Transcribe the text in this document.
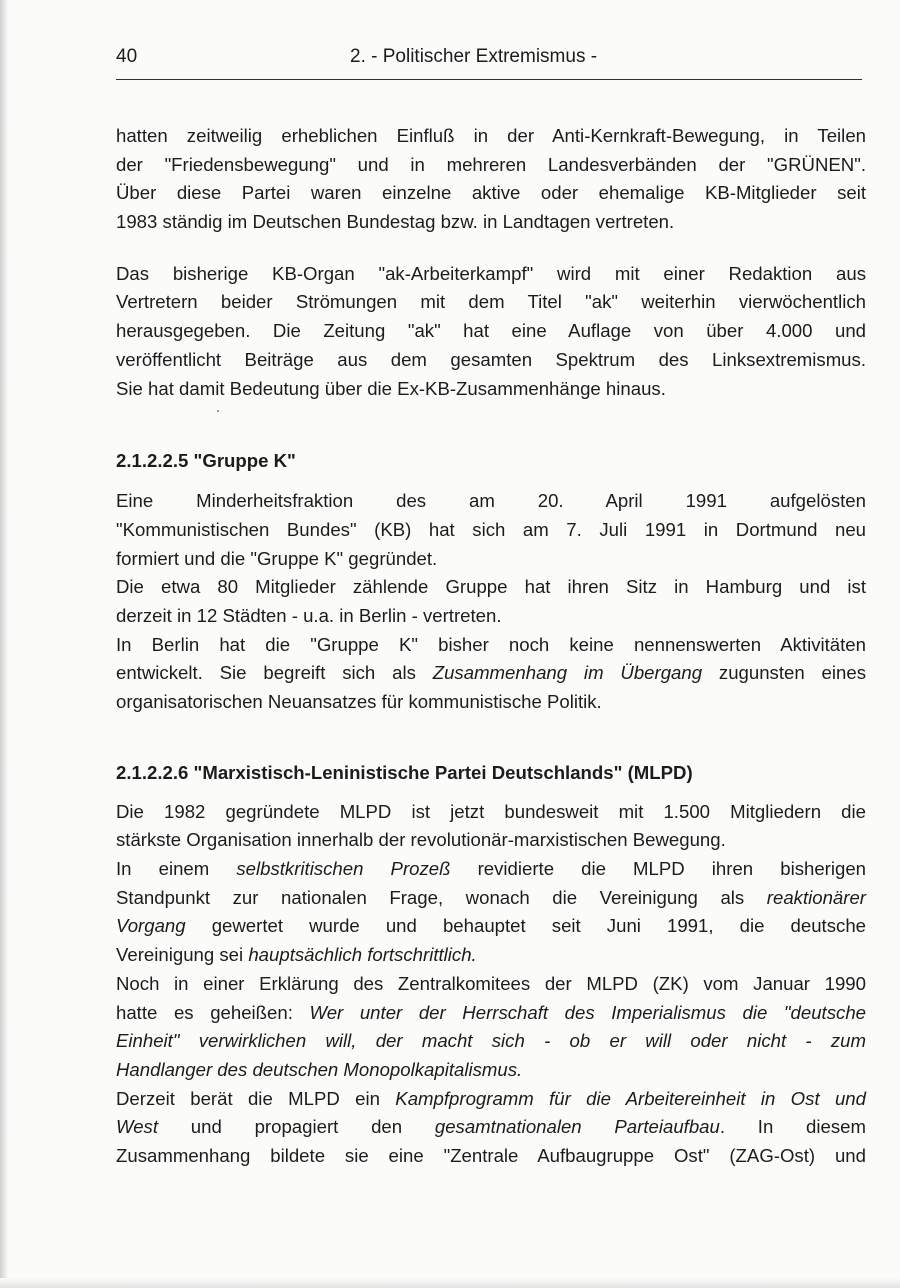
40	2. - Politischer Extremismus -
hatten zeitweilig erheblichen Einfluß in der Anti-Kernkraft-Bewegung, in Teilen
der "Friedensbewegung" und in mehreren Landesverbänden der "GRÜNEN".
Über diese Partei waren einzelne aktive oder ehemalige KB-Mitglieder seit
1983 ständig im Deutschen Bundestag bzw. in Landtagen vertreten.
Das bisherige KB-Organ "ak-Arbeiterkampf" wird mit einer Redaktion aus
Vertretern beider Strömungen mit dem Titel "ak" weiterhin vierwöchentlich
herausgegeben. Die Zeitung "ak" hat eine Auflage von über 4.000 und
veröffentlicht Beiträge aus dem gesamten Spektrum des Linksextremismus.
Sie hat damit Bedeutung über die Ex-KB-Zusammenhänge hinaus.
2.1.2.2.5 "Gruppe K"
Eine Minderheitsfraktion des am 20. April 1991 aufgelösten
"Kommunistischen Bundes" (KB) hat sich am 7. Juli 1991 in Dortmund neu
formiert und die "Gruppe K" gegründet.
Die etwa 80 Mitglieder zählende Gruppe hat ihren Sitz in Hamburg und ist
derzeit in 12 Städten - u.a. in Berlin - vertreten.
In Berlin hat die "Gruppe K" bisher noch keine nennenswerten Aktivitäten
entwickelt. Sie begreift sich als Zusammenhang im Übergang zugunsten eines
organisatorischen Neuansatzes für kommunistische Politik.
2.1.2.2.6 "Marxistisch-Leninistische Partei Deutschlands" (MLPD)
Die 1982 gegründete MLPD ist jetzt bundesweit mit 1.500 Mitgliedern die
stärkste Organisation innerhalb der revolutionär-marxistischen Bewegung.
In einem selbstkritischen Prozeß revidierte die MLPD ihren bisherigen
Standpunkt zur nationalen Frage, wonach die Vereinigung als reaktionärer
Vorgang gewertet wurde und behauptet seit Juni 1991, die deutsche
Vereinigung sei hauptsächlich fortschrittlich.
Noch in einer Erklärung des Zentralkomitees der MLPD (ZK) vom Januar 1990
hatte es geheißen: Wer unter der Herrschaft des Imperialismus die "deutsche
Einheit" verwirklichen will, der macht sich - ob er will oder nicht - zum
Handlanger des deutschen Monopolkapitalismus.
Derzeit berät die MLPD ein Kampfprogramm für die Arbeitereinheit in Ost und
West und propagiert den gesamtnationalen Parteiaufbau. In diesem
Zusammenhang bildete sie eine "Zentrale Aufbaugruppe Ost" (ZAG-Ost) und
